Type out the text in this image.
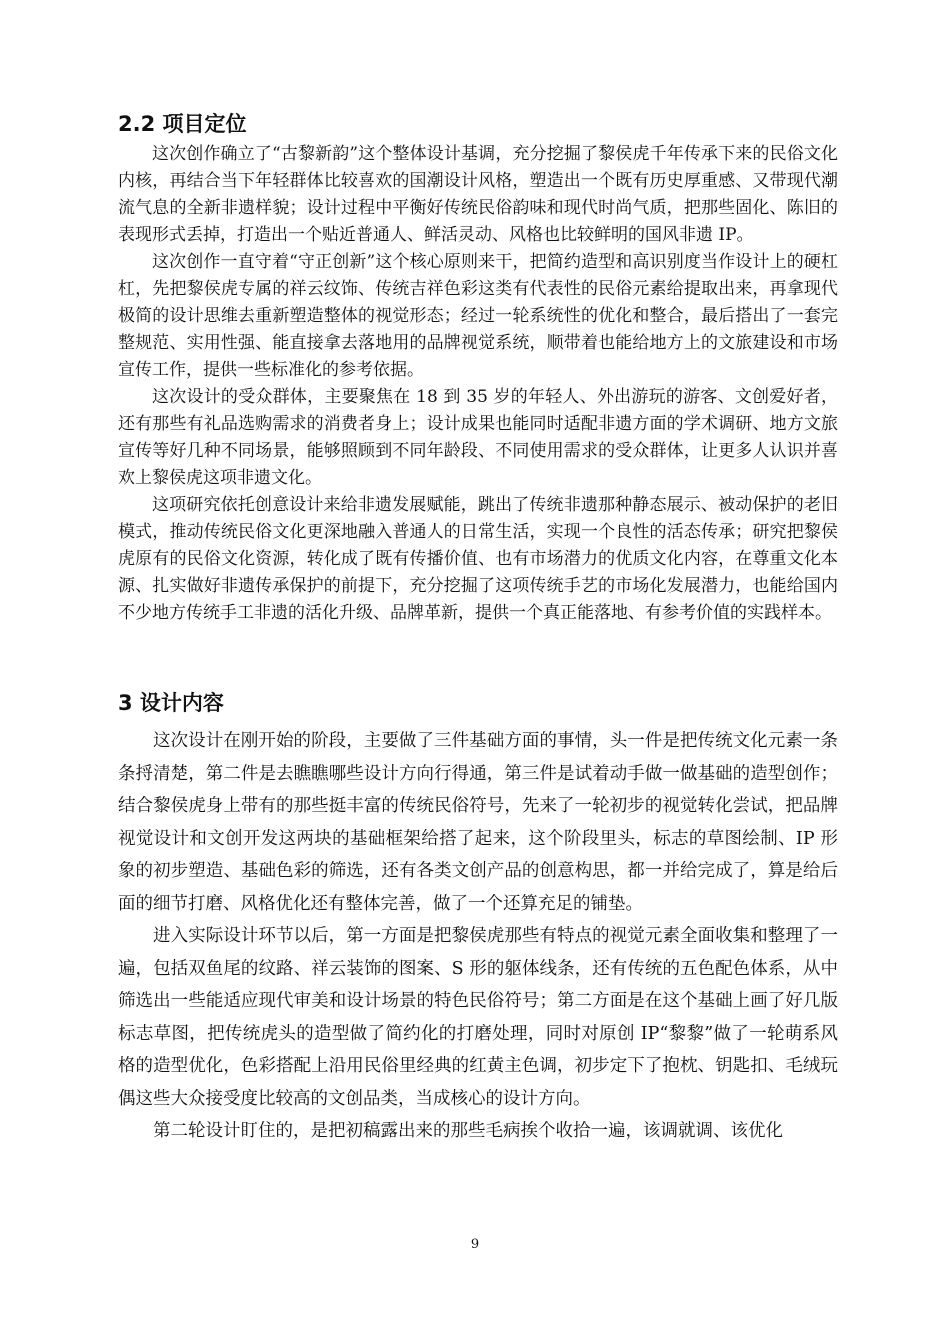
2.2 项目定位

这次创作确立了“古黎新韵”这个整体设计基调，充分挖掘了黎侯虎千年传承下来的民俗文化内核，再结合当下年轻群体比较喜欢的国潮设计风格，塑造出一个既有历史厚重感、又带现代潮流气息的全新非遗样貌；设计过程中平衡好传统民俗韵味和现代时尚气质，把那些固化、陈旧的表现形式丢掉，打造出一个贴近普通人、鲜活灵动、风格也比较鲜明的国风非遗 IP。

这次创作一直守着“守正创新”这个核心原则来干，把简约造型和高识别度当作设计上的硬杠杠，先把黎侯虎专属的祥云纹饰、传统吉祥色彩这类有代表性的民俗元素给提取出来，再拿现代极简的设计思维去重新塑造整体的视觉形态；经过一轮系统性的优化和整合，最后搭出了一套完整规范、实用性强、能直接拿去落地用的品牌视觉系统，顺带着也能给地方上的文旅建设和市场宣传工作，提供一些标准化的参考依据。

这次设计的受众群体，主要聚焦在 18 到 35 岁的年轻人、外出游玩的游客、文创爱好者，还有那些有礼品选购需求的消费者身上；设计成果也能同时适配非遗方面的学术调研、地方文旅宣传等好几种不同场景，能够照顾到不同年龄段、不同使用需求的受众群体，让更多人认识并喜欢上黎侯虎这项非遗文化。

这项研究依托创意设计来给非遗发展赋能，跳出了传统非遗那种静态展示、被动保护的老旧模式，推动传统民俗文化更深地融入普通人的日常生活，实现一个良性的活态传承；研究把黎侯虎原有的民俗文化资源，转化成了既有传播价值、也有市场潜力的优质文化内容，在尊重文化本源、扎实做好非遗传承保护的前提下，充分挖掘了这项传统手艺的市场化发展潜力，也能给国内不少地方传统手工非遗的活化升级、品牌革新，提供一个真正能落地、有参考价值的实践样本。

3 设计内容

这次设计在刚开始的阶段，主要做了三件基础方面的事情，头一件是把传统文化元素一条条捋清楚，第二件是去瞧瞧哪些设计方向行得通，第三件是试着动手做一做基础的造型创作；结合黎侯虎身上带有的那些挺丰富的传统民俗符号，先来了一轮初步的视觉转化尝试，把品牌视觉设计和文创开发这两块的基础框架给搭了起来，这个阶段里头，标志的草图绘制、IP 形象的初步塑造、基础色彩的筛选，还有各类文创产品的创意构思，都一并给完成了，算是给后面的细节打磨、风格优化还有整体完善，做了一个还算充足的铺垫。

进入实际设计环节以后，第一方面是把黎侯虎那些有特点的视觉元素全面收集和整理了一遍，包括双鱼尾的纹路、祥云装饰的图案、S 形的躯体线条，还有传统的五色配色体系，从中筛选出一些能适应现代审美和设计场景的特色民俗符号；第二方面是在这个基础上画了好几版标志草图，把传统虎头的造型做了简约化的打磨处理，同时对原创 IP“黎黎”做了一轮萌系风格的造型优化，色彩搭配上沿用民俗里经典的红黄主色调，初步定下了抱枕、钥匙扣、毛绒玩偶这些大众接受度比较高的文创品类，当成核心的设计方向。

第二轮设计盯住的，是把初稿露出来的那些毛病挨个收拾一遍，该调就调、该优化

9
